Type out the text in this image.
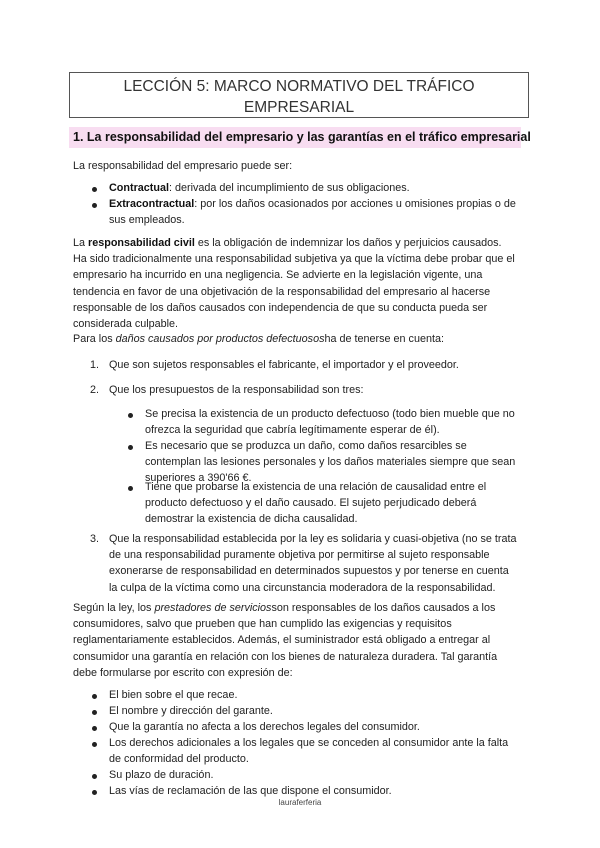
LECCIÓN 5: MARCO NORMATIVO DEL TRÁFICO
EMPRESARIAL
1. La responsabilidad del empresario y las garantías en el tráfico empresarial
La responsabilidad del empresario puede ser:
Contractual: derivada del incumplimiento de sus obligaciones.
Extracontractual: por los daños ocasionados por acciones u omisiones propias o de
sus empleados.
La responsabilidad civil es la obligación de indemnizar los daños y perjuicios causados.
Ha sido tradicionalmente una responsabilidad subjetiva ya que la víctima debe probar que el
empresario ha incurrido en una negligencia. Se advierte en la legislación vigente, una
tendencia en favor de una objetivación de la responsabilidad del empresario al hacerse
responsable de los daños causados con independencia de que su conducta pueda ser
considerada culpable.
Para los daños causados por productos defectuososha de tenerse en cuenta:
1. Que son sujetos responsables el fabricante, el importador y el proveedor.
2. Que los presupuestos de la responsabilidad son tres:
Se precisa la existencia de un producto defectuoso (todo bien mueble que no
ofrezca la seguridad que cabría legítimamente esperar de él).
Es necesario que se produzca un daño, como daños resarcibles se
contemplan las lesiones personales y los daños materiales siempre que sean
superiores a 390'66 €.
Tiene que probarse la existencia de una relación de causalidad entre el
producto defectuoso y el daño causado. El sujeto perjudicado deberá
demostrar la existencia de dicha causalidad.
3. Que la responsabilidad establecida por la ley es solidaria y cuasi-objetiva (no se trata
de una responsabilidad puramente objetiva por permitirse al sujeto responsable
exonerarse de responsabilidad en determinados supuestos y por tenerse en cuenta
la culpa de la víctima como una circunstancia moderadora de la responsabilidad.
Según la ley, los prestadores de serviciosson responsables de los daños causados a los
consumidores, salvo que prueben que han cumplido las exigencias y requisitos
reglamentariamente establecidos. Además, el suministrador está obligado a entregar al
consumidor una garantía en relación con los bienes de naturaleza duradera. Tal garantía
debe formularse por escrito con expresión de:
El bien sobre el que recae.
El nombre y dirección del garante.
Que la garantía no afecta a los derechos legales del consumidor.
Los derechos adicionales a los legales que se conceden al consumidor ante la falta
de conformidad del producto.
Su plazo de duración.
Las vías de reclamación de las que dispone el consumidor.
lauraferferia
